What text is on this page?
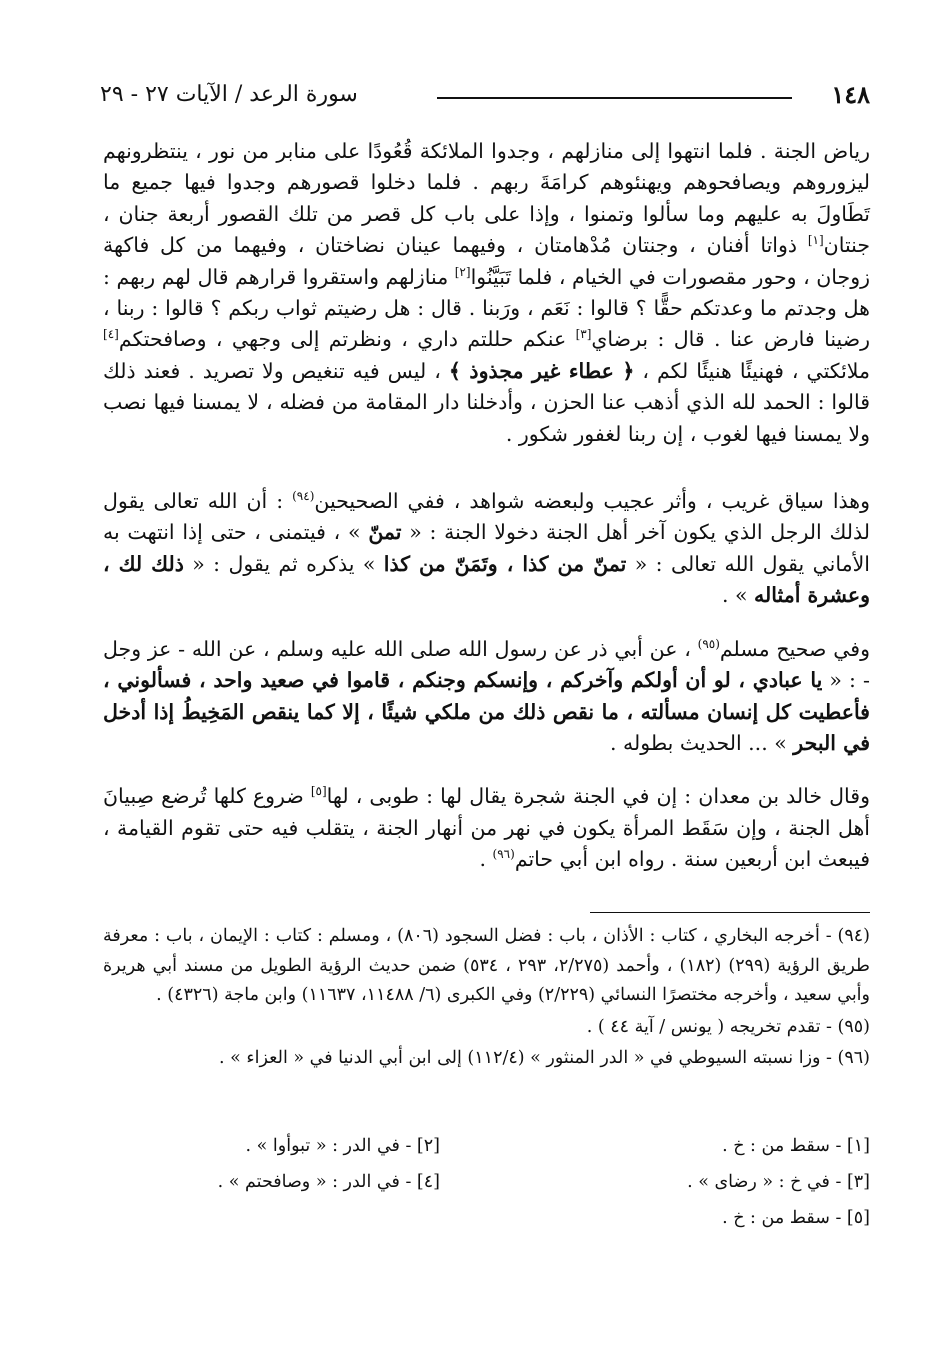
١٤٨
سورة الرعد / الآيات ٢٧ - ٢٩

رياض الجنة . فلما انتهوا إلى منازلهم ، وجدوا الملائكة قُعُودًا على منابر من نور ، ينتظرونهم ليزوروهم ويصافحوهم ويهنئوهم كرامَةَ ربهم . فلما دخلوا قصورهم وجدوا فيها جميع ما تَطَاولَ به عليهم وما سألوا وتمنوا ، وإذا على باب كل قصر من تلك القصور أربعة جنان ، جنتان[١] ذواتا أفنان ، وجنتان مُدْهامتان ، وفيهما عينان نضاختان ، وفيهما من كل فاكهة زوجان ، وحور مقصورات في الخيام ، فلما تَبَيَّنُوا[٢] منازلهم واستقروا قرارهم قال لهم ربهم : هل وجدتم ما وعدتكم حقًّا ؟ قالوا : نَعَم ، ورَبنا . قال : هل رضيتم ثواب ربكم ؟ قالوا : ربنا ، رضينا فارض عنا . قال : برضاي[٣] عنكم حللتم داري ، ونظرتم إلى وجهي ، وصافحتكم[٤] ملائكتي ، فهنيئًا هنيئًا لكم ، ﴿ عطاء غير مجذوذ ﴾ ، ليس فيه تنغيص ولا تصريد . فعند ذلك قالوا : الحمد لله الذي أذهب عنا الحزن ، وأدخلنا دار المقامة من فضله ، لا يمسنا فيها نصب ولا يمسنا فيها لغوب ، إن ربنا لغفور شكور .

وهذا سياق غريب ، وأثر عجيب ولبعضه شواهد ، ففي الصحيحين$^{(٩٤)}$ : أن الله تعالى يقول لذلك الرجل الذي يكون آخر أهل الجنة دخولا الجنة : « تمنّ » ، فيتمنى ، حتى إذا انتهت به الأماني يقول الله تعالى : « تمنّ من كذا ، وتَمَنّ من كذا » يذكره ثم يقول : « ذلك لك ، وعشرة أمثاله » .

وفي صحيح مسلم$^{(٩٥)}$ ، عن أبي ذر عن رسول الله صلى الله عليه وسلم ، عن الله - عز وجل - : « يا عبادي ، لو أن أولكم وآخركم ، وإنسكم وجنكم ، قاموا في صعيد واحد ، فسألوني ، فأعطيت كل إنسان مسألته ، ما نقص ذلك من ملكي شيئًا ، إلا كما ينقص المَخِيطُ إذا أدخل في البحر » ... الحديث بطوله .

وقال خالد بن معدان : إن في الجنة شجرة يقال لها : طوبى ، لها[٥] ضروع كلها تُرضع صِبيانَ أهل الجنة ، وإن سَقَط المرأة يكون في نهر من أنهار الجنة ، يتقلب فيه حتى تقوم القيامة ، فيبعث ابن أربعين سنة . رواه ابن أبي حاتم$^{(٩٦)}$ .

(٩٤) - أخرجه البخاري ، كتاب : الأذان ، باب : فضل السجود (٨٠٦) ، ومسلم : كتاب : الإيمان ، باب : معرفة طريق الرؤية (٢٩٩) (١٨٢) ، وأحمد (٢/٢٧٥، ٢٩٣ ، ٥٣٤) ضمن حديث الرؤية الطويل من مسند أبي هريرة وأبي سعيد ، وأخرجه مختصرًا النسائي (٢/٢٢٩) وفي الكبرى (٦/ ١١٤٨٨، ١١٦٣٧) وابن ماجة (٤٣٢٦) .

(٩٥) - تقدم تخريجه ( يونس / آية ٤٤ ) .

(٩٦) - وزا نسبته السيوطي في « الدر المنثور » (١١٢/٤) إلى ابن أبي الدنيا في « العزاء » .

[١] - سقط من : خ .
[٢] - في الدر : « تبوأوا » .
[٣] - في خ : « رضاى » .
[٤] - في الدر : « وصافحتم » .
[٥] - سقط من : خ .
